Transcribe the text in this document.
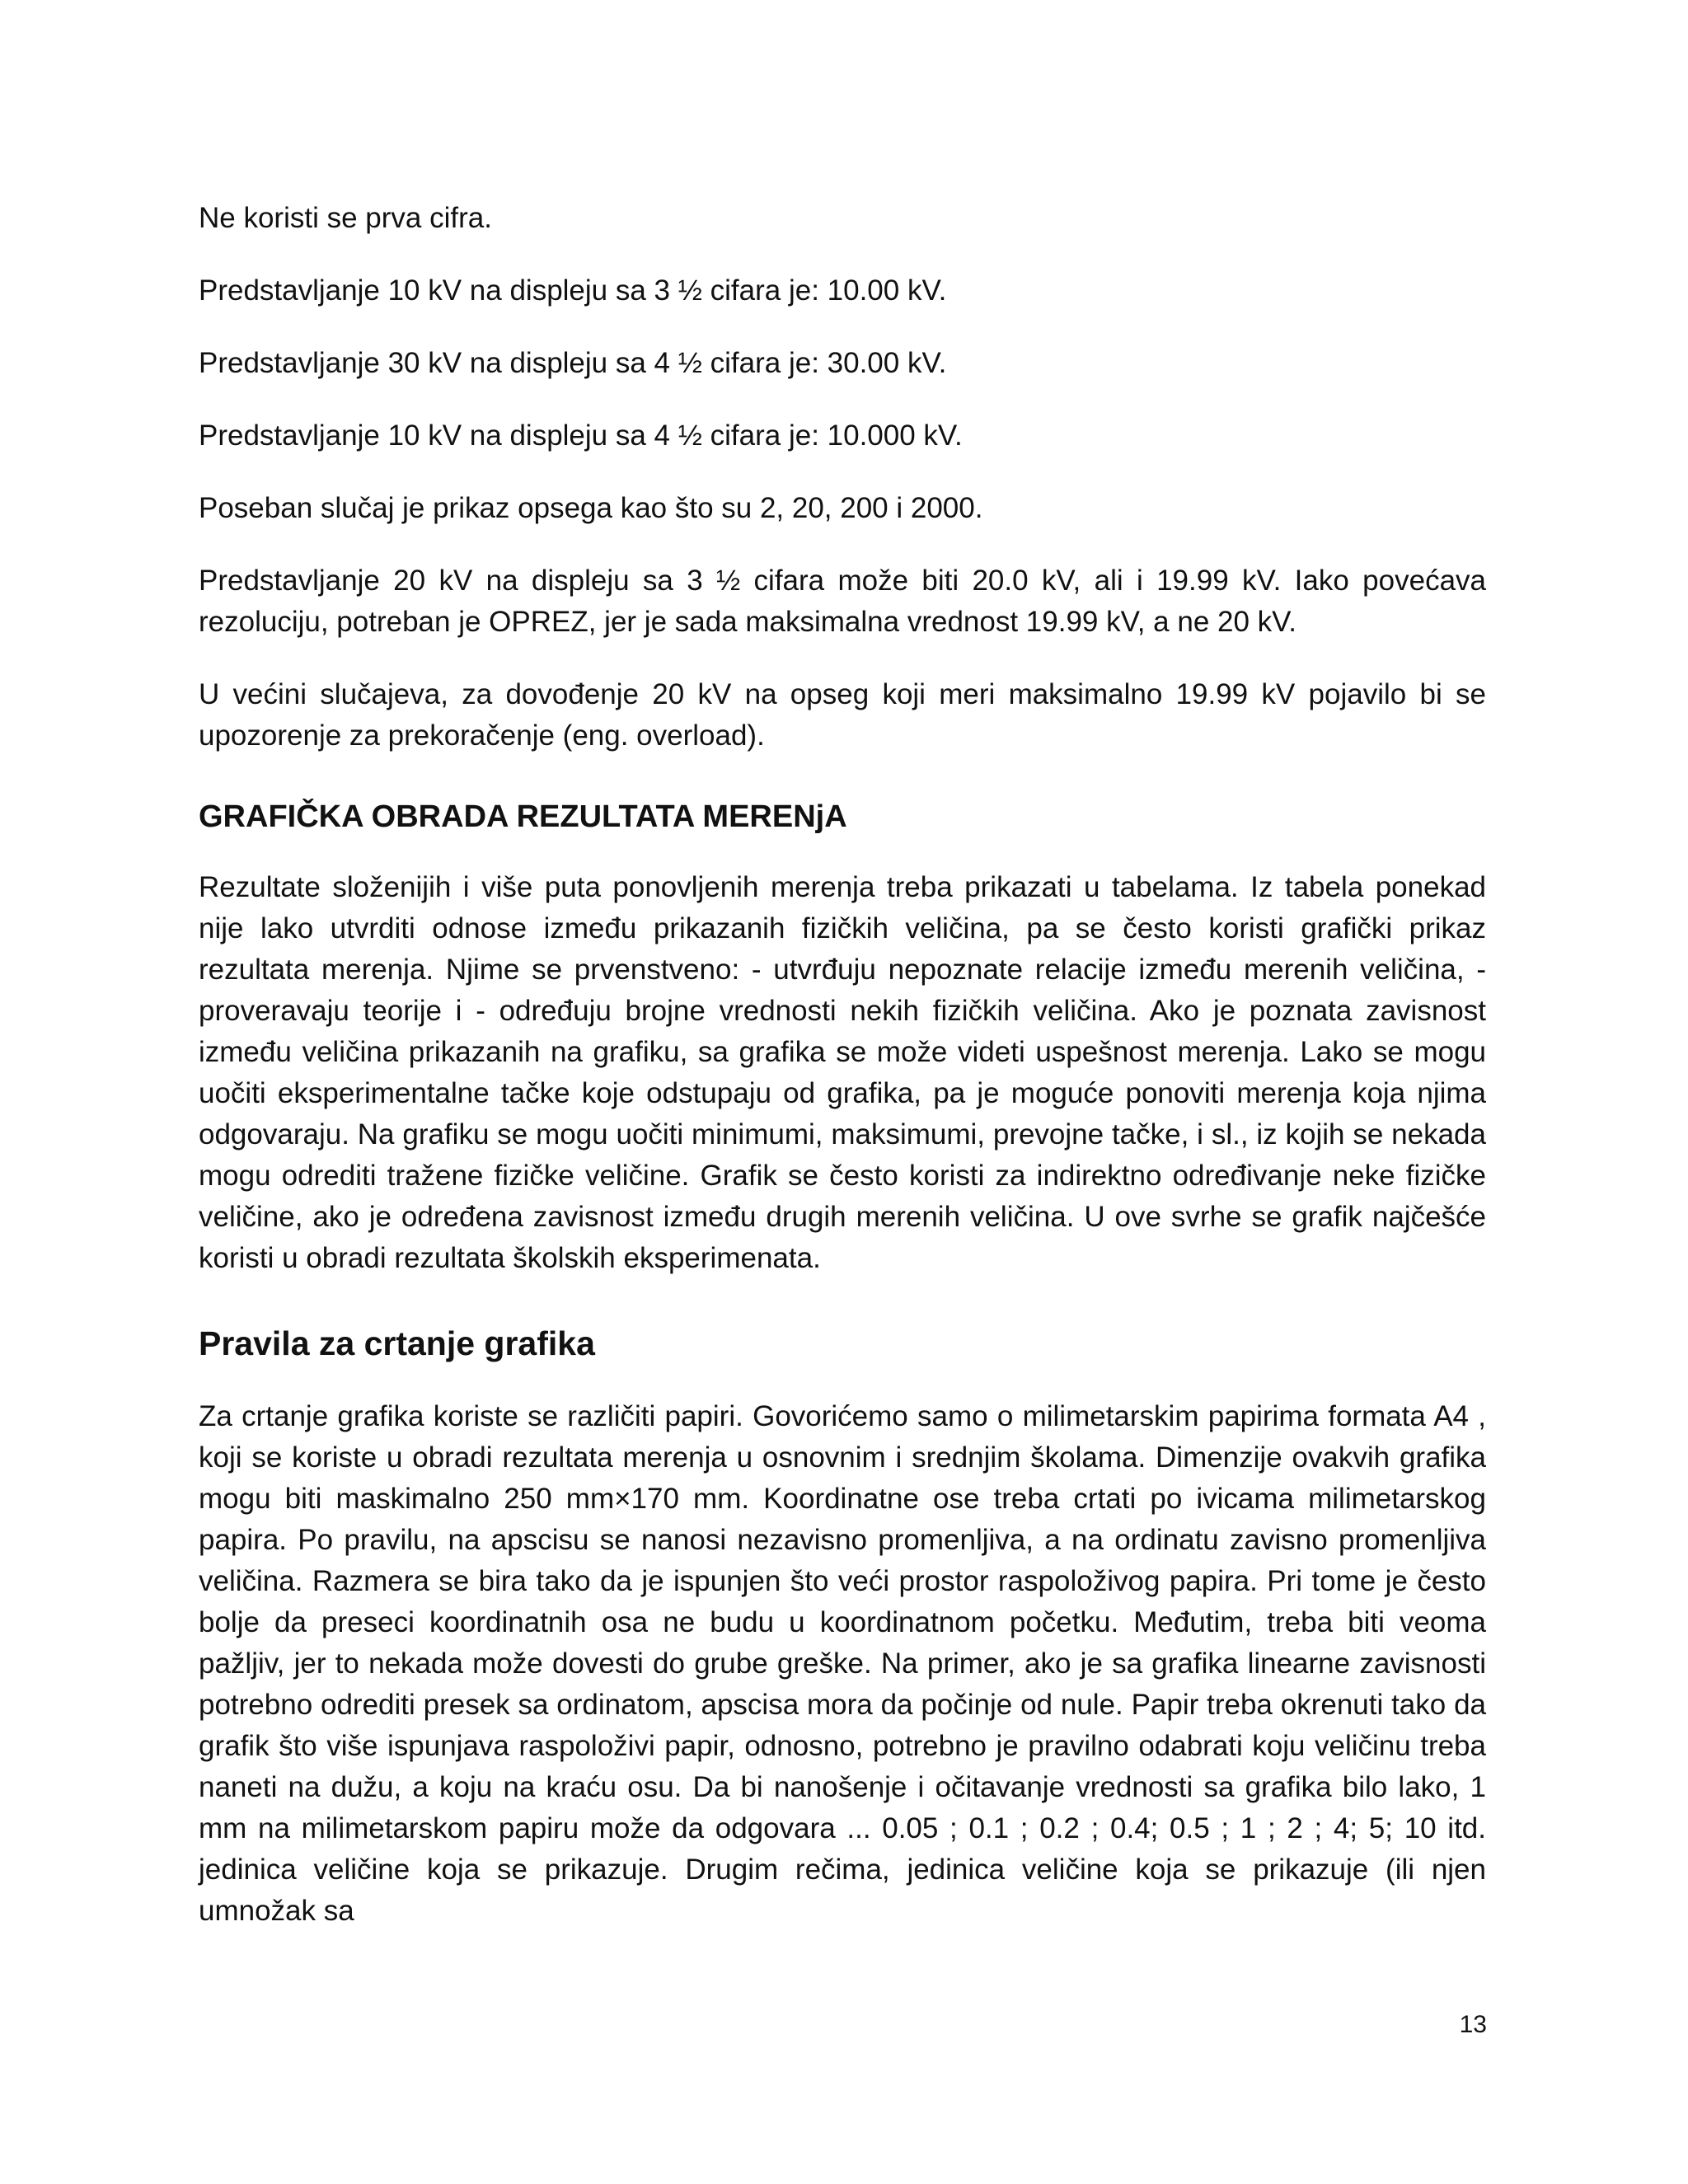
Ne koristi se prva cifra.

Predstavljanje 10 kV na displeju sa 3 ½ cifara je: 10.00 kV.

Predstavljanje 30 kV na displeju sa 4 ½ cifara je: 30.00 kV.

Predstavljanje 10 kV na displeju sa 4 ½ cifara je: 10.000 kV.

Poseban slučaj je prikaz opsega kao što su 2, 20, 200 i 2000.

Predstavljanje 20 kV na displeju sa 3 ½ cifara može biti 20.0 kV, ali i 19.99 kV. Iako povećava rezoluciju, potreban je OPREZ, jer je sada maksimalna vrednost 19.99 kV, a ne 20 kV.

U većini slučajeva, za dovođenje 20 kV na opseg koji meri maksimalno 19.99 kV pojavilo bi se upozorenje za prekoračenje (eng. overload).

GRAFIČKA OBRADA REZULTATA MERENjA

Rezultate složenijih i više puta ponovljenih merenja treba prikazati u tabelama. Iz tabela ponekad nije lako utvrditi odnose između prikazanih fizičkih veličina, pa se često koristi grafički prikaz rezultata merenja. Njime se prvenstveno: - utvrđuju nepoznate relacije između merenih veličina, - proveravaju teorije i - određuju brojne vrednosti nekih fizičkih veličina. Ako je poznata zavisnost između veličina prikazanih na grafiku, sa grafika se može videti uspešnost merenja. Lako se mogu uočiti eksperimentalne tačke koje odstupaju od grafika, pa je moguće ponoviti merenja koja njima odgovaraju. Na grafiku se mogu uočiti minimumi, maksimumi, prevojne tačke, i sl., iz kojih se nekada mogu odrediti tražene fizičke veličine. Grafik se često koristi za indirektno određivanje neke fizičke veličine, ako je određena zavisnost između drugih merenih veličina. U ove svrhe se grafik najčešće koristi u obradi rezultata školskih eksperimenata.

Pravila za crtanje grafika

Za crtanje grafika koriste se različiti papiri. Govorićemo samo o milimetarskim papirima formata A4 , koji se koriste u obradi rezultata merenja u osnovnim i srednjim školama. Dimenzije ovakvih grafika mogu biti maskimalno 250 mm×170 mm. Koordinatne ose treba crtati po ivicama milimetarskog papira. Po pravilu, na apscisu se nanosi nezavisno promenljiva, a na ordinatu zavisno promenljiva veličina. Razmera se bira tako da je ispunjen što veći prostor raspoloživog papira. Pri tome je često bolje da preseci koordinatnih osa ne budu u koordinatnom početku. Međutim, treba biti veoma pažljiv, jer to nekada može dovesti do grube greške. Na primer, ako je sa grafika linearne zavisnosti potrebno odrediti presek sa ordinatom, apscisa mora da počinje od nule. Papir treba okrenuti tako da grafik što više ispunjava raspoloživi papir, odnosno, potrebno je pravilno odabrati koju veličinu treba naneti na dužu, a koju na kraću osu. Da bi nanošenje i očitavanje vrednosti sa grafika bilo lako, 1 mm na milimetarskom papiru može da odgovara ... 0.05 ; 0.1 ; 0.2 ; 0.4; 0.5 ; 1 ; 2 ; 4; 5; 10 itd. jedinica veličine koja se prikazuje. Drugim rečima, jedinica veličine koja se prikazuje (ili njen umnožak sa

13
